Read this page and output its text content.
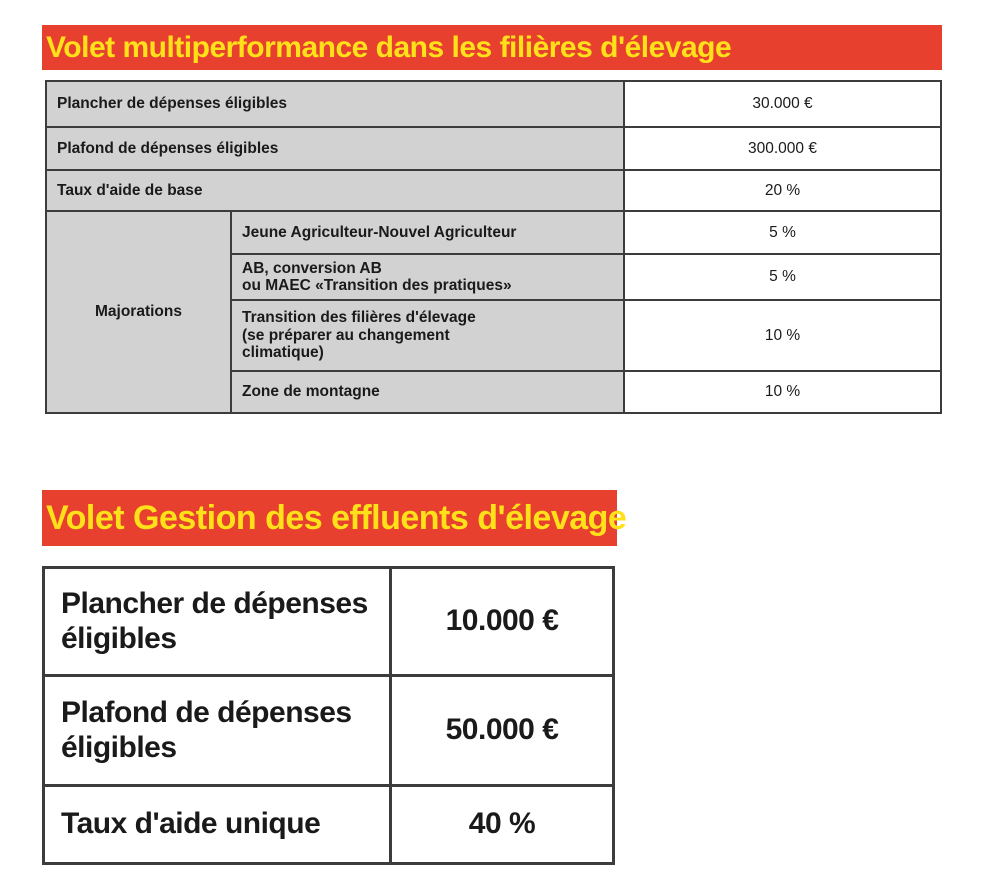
Volet multiperformance dans les filières d'élevage
Plancher de dépenses éligibles		30.000 €
Plafond de dépenses éligibles		300.000 €
Taux d'aide de base		20 %
Majorations	Jeune Agriculteur-Nouvel Agriculteur	5 %
	AB, conversion AB
ou MAEC «Transition des pratiques»	5 %
	Transition des filières d'élevage
(se préparer au changement
climatique)	10 %
	Zone de montagne	10 %
Volet Gestion des effluents d'élevage
Plancher de dépenses
éligibles	10.000 €
Plafond de dépenses
éligibles	50.000 €
Taux d'aide unique	40 %
